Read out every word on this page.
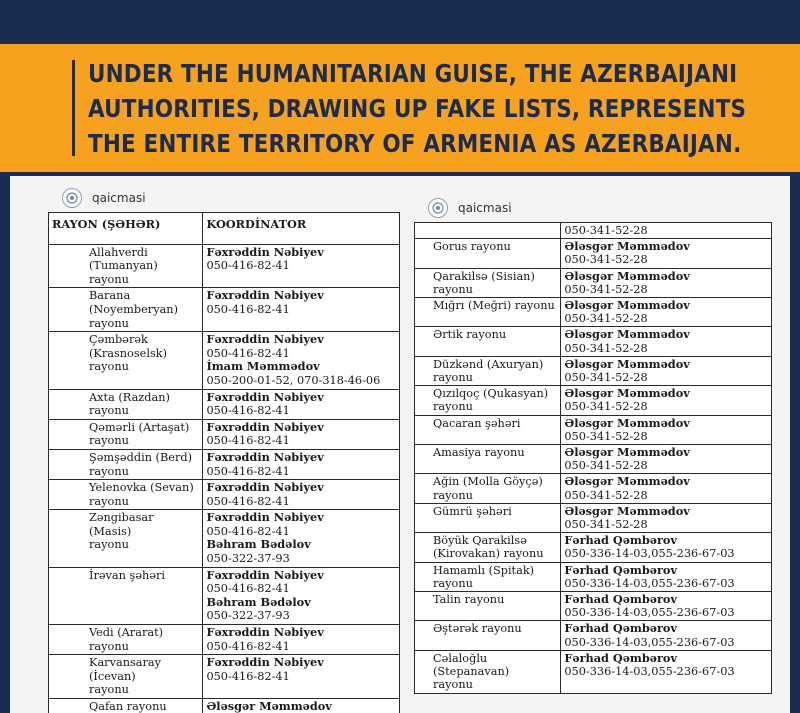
UNDER THE HUMANITARIAN GUISE, THE AZERBAIJANI
AUTHORITIES, DRAWING UP FAKE LISTS, REPRESENTS
THE ENTIRE TERRITORY OF ARMENIA AS AZERBAIJAN.
qaicmasi
RAYON (ŞƏHƏR)	KOORDİNATOR

Allahverdi (Tumanyan)
rayonu	Fəxrəddin Nəbiyev
050-416-82-41

Barana (Noyemberyan)
rayonu	Fəxrəddin Nəbiyev
050-416-82-41

Çəmbərək
(Krasnoselsk) rayonu	Fəxrəddin Nəbiyev
050-416-82-41
İmam Məmmədov
050-200-01-52, 070-318-46-06

Axta (Razdan) rayonu	Fəxrəddin Nəbiyev
050-416-82-41

Qəmərli (Artaşat)
rayonu	Fəxrəddin Nəbiyev
050-416-82-41

Şəmşəddin (Berd)
rayonu	Fəxrəddin Nəbiyev
050-416-82-41

Yelenovka (Sevan)
rayonu	Fəxrəddin Nəbiyev
050-416-82-41

Zəngibasar (Masis)
rayonu	Fəxrəddin Nəbiyev
050-416-82-41
Bəhram Bədəlov
050-322-37-93

İrəvan şəhəri	Fəxrəddin Nəbiyev
050-416-82-41
Bəhram Bədəlov
050-322-37-93

Vedi (Ararat) rayonu	Fəxrəddin Nəbiyev
050-416-82-41

Karvansaray (İcevan)
rayonu	Fəxrəddin Nəbiyev
050-416-82-41

Qafan rayonu	Ələsgər Məmmədov
qaicmasi

	050-341-52-28

Gorus rayonu	Ələsgər Məmmədov
050-341-52-28

Qarakilsə (Sisian)
rayonu	Ələsgər Məmmədov
050-341-52-28

Mığrı (Meğri) rayonu	Ələsgər Məmmədov
050-341-52-28

Ərtik rayonu	Ələsgər Məmmədov
050-341-52-28

Düzkənd (Axuryan)
rayonu	Ələsgər Məmmədov
050-341-52-28

Qızılqoç (Qukasyan)
rayonu	Ələsgər Məmmədov
050-341-52-28

Qacaran şəhəri	Ələsgər Məmmədov
050-341-52-28

Amasiya rayonu	Ələsgər Məmmədov
050-341-52-28

Ağin (Molla Göyçə)
rayonu	Ələsgər Məmmədov
050-341-52-28

Gümrü şəhəri	Ələsgər Məmmədov
050-341-52-28

Böyük Qarakilsə
(Kirovakan) rayonu	Fərhad Qəmbərov
050-336-14-03,055-236-67-03

Hamamlı (Spitak)
rayonu	Fərhad Qəmbərov
050-336-14-03,055-236-67-03

Talin rayonu	Fərhad Qəmbərov
050-336-14-03,055-236-67-03

Əştərək rayonu	Fərhad Qəmbərov
050-336-14-03,055-236-67-03

Cəlaloğlu (Stepanavan)
rayonu	Fərhad Qəmbərov
050-336-14-03,055-236-67-03
